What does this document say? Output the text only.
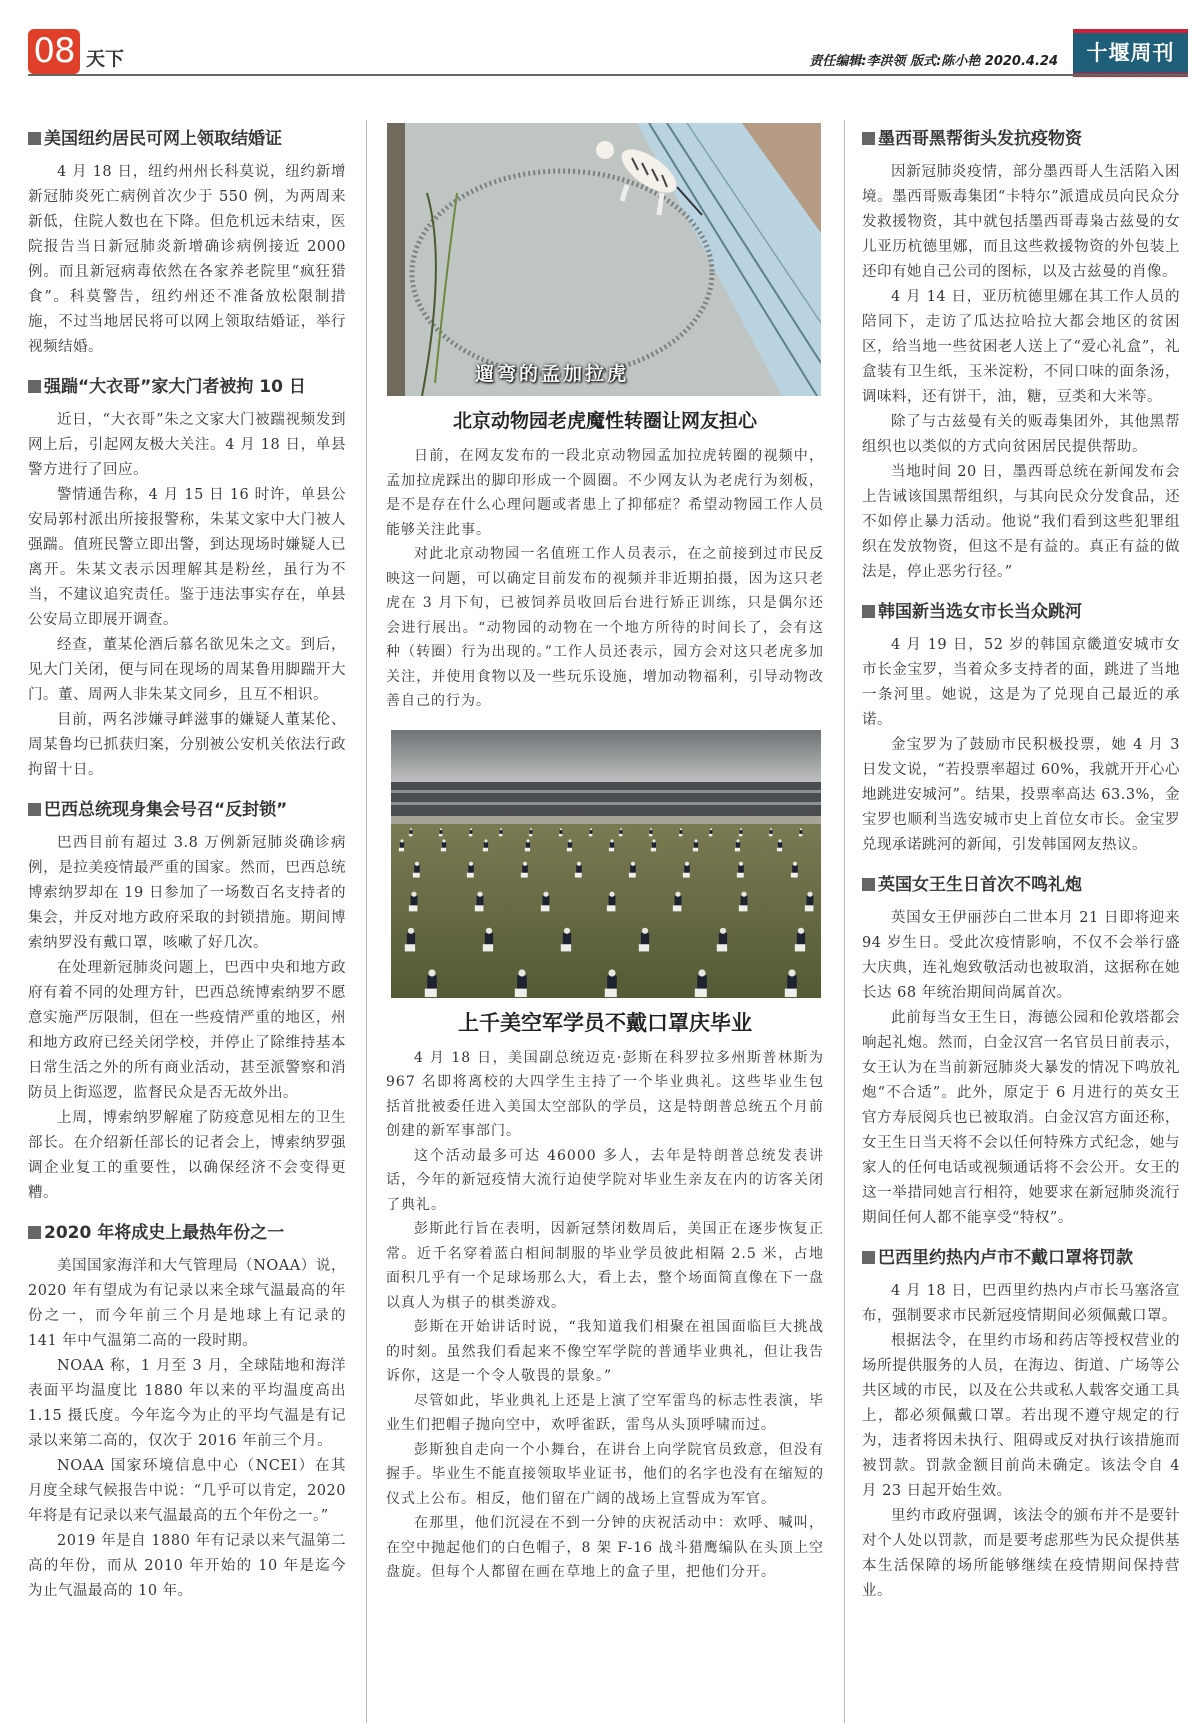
08 天下	责任编辑:李洪领 版式:陈小艳 2020.4.24	十堰周刊
美国纽约居民可网上领取结婚证

4 月 18 日，纽约州州长科莫说，纽约新增新冠肺炎死亡病例首次少于 550 例，为两周来新低，住院人数也在下降。但危机远未结束，医院报告当日新冠肺炎新增确诊病例接近 2000 例。而且新冠病毒依然在各家养老院里“疯狂猎食”。科莫警告，纽约州还不准备放松限制措施，不过当地居民将可以网上领取结婚证，举行视频结婚。

强踹“大衣哥”家大门者被拘 10 日

近日，“大衣哥”朱之文家大门被踹视频发到网上后，引起网友极大关注。4 月 18 日，单县警方进行了回应。

警情通告称，4 月 15 日 16 时许，单县公安局郭村派出所接报警称，朱某文家中大门被人强踹。值班民警立即出警，到达现场时嫌疑人已离开。朱某文表示因理解其是粉丝，虽行为不当，不建议追究责任。鉴于违法事实存在，单县公安局立即展开调查。

经查，董某伦酒后慕名欲见朱之文。到后，见大门关闭，便与同在现场的周某鲁用脚踹开大门。董、周两人非朱某文同乡，且互不相识。

目前，两名涉嫌寻衅滋事的嫌疑人董某伦、周某鲁均已抓获归案，分别被公安机关依法行政拘留十日。

巴西总统现身集会号召“反封锁”

巴西目前有超过 3.8 万例新冠肺炎确诊病例，是拉美疫情最严重的国家。然而，巴西总统博索纳罗却在 19 日参加了一场数百名支持者的集会，并反对地方政府采取的封锁措施。期间博索纳罗没有戴口罩，咳嗽了好几次。

在处理新冠肺炎问题上，巴西中央和地方政府有着不同的处理方针，巴西总统博索纳罗不愿意实施严厉限制，但在一些疫情严重的地区，州和地方政府已经关闭学校，并停止了除维持基本日常生活之外的所有商业活动，甚至派警察和消防员上街巡逻，监督民众是否无故外出。

上周，博索纳罗解雇了防疫意见相左的卫生部长。在介绍新任部长的记者会上，博索纳罗强调企业复工的重要性，以确保经济不会变得更糟。

2020 年将成史上最热年份之一

美国国家海洋和大气管理局（NOAA）说，2020 年有望成为有记录以来全球气温最高的年份之一，而今年前三个月是地球上有记录的 141 年中气温第二高的一段时期。

NOAA 称，1 月至 3 月，全球陆地和海洋表面平均温度比 1880 年以来的平均温度高出 1.15 摄氏度。今年迄今为止的平均气温是有记录以来第二高的，仅次于 2016 年前三个月。

NOAA 国家环境信息中心（NCEI）在其月度全球气候报告中说：“几乎可以肯定，2020 年将是有记录以来气温最高的五个年份之一。”

2019 年是自 1880 年有记录以来气温第二高的年份，而从 2010 年开始的 10 年是迄今为止气温最高的 10 年。

墨西哥黑帮街头发抗疫物资

因新冠肺炎疫情，部分墨西哥人生活陷入困境。墨西哥贩毒集团“卡特尔”派遣成员向民众分发救援物资，其中就包括墨西哥毒枭古兹曼的女儿亚历杭德里娜，而且这些救援物资的外包装上还印有她自己公司的图标，以及古兹曼的肖像。

4 月 14 日，亚历杭德里娜在其工作人员的陪同下，走访了瓜达拉哈拉大都会地区的贫困区，给当地一些贫困老人送上了“爱心礼盒”，礼盒装有卫生纸，玉米淀粉，不同口味的面条汤，调味料，还有饼干，油，糖，豆类和大米等。

除了与古兹曼有关的贩毒集团外，其他黑帮组织也以类似的方式向贫困居民提供帮助。

当地时间 20 日，墨西哥总统在新闻发布会上告诫该国黑帮组织，与其向民众分发食品，还不如停止暴力活动。他说“我们看到这些犯罪组织在发放物资，但这不是有益的。真正有益的做法是，停止恶劣行径。”

韩国新当选女市长当众跳河

4 月 19 日，52 岁的韩国京畿道安城市女市长金宝罗，当着众多支持者的面，跳进了当地一条河里。她说，这是为了兑现自己最近的承诺。

金宝罗为了鼓励市民积极投票，她 4 月 3 日发文说，“若投票率超过 60%，我就开开心心地跳进安城河”。结果，投票率高达 63.3%，金宝罗也顺利当选安城市史上首位女市长。金宝罗兑现承诺跳河的新闻，引发韩国网友热议。

英国女王生日首次不鸣礼炮

英国女王伊丽莎白二世本月 21 日即将迎来 94 岁生日。受此次疫情影响，不仅不会举行盛大庆典，连礼炮致敬活动也被取消，这据称在她长达 68 年统治期间尚属首次。

此前每当女王生日，海德公园和伦敦塔都会响起礼炮。然而，白金汉宫一名官员日前表示，女王认为在当前新冠肺炎大暴发的情况下鸣放礼炮“不合适”。此外，原定于 6 月进行的英女王官方寿辰阅兵也已被取消。白金汉宫方面还称，女王生日当天将不会以任何特殊方式纪念，她与家人的任何电话或视频通话将不会公开。女王的这一举措同她言行相符，她要求在新冠肺炎流行期间任何人都不能享受“特权”。

巴西里约热内卢市不戴口罩将罚款

4 月 18 日，巴西里约热内卢市长马塞洛宣布，强制要求市民新冠疫情期间必须佩戴口罩。

根据法令，在里约市场和药店等授权营业的场所提供服务的人员，在海边、街道、广场等公共区域的市民，以及在公共或私人载客交通工具上，都必须佩戴口罩。若出现不遵守规定的行为，违者将因未执行、阻碍或反对执行该措施而被罚款。罚款金额目前尚未确定。该法令自 4 月 23 日起开始生效。

里约市政府强调，该法令的颁布并不是要针对个人处以罚款，而是要考虑那些为民众提供基本生活保障的场所能够继续在疫情期间保持营业。

遛弯的孟加拉虎
北京动物园老虎魔性转圈让网友担心

日前，在网友发布的一段北京动物园孟加拉虎转圈的视频中，孟加拉虎踩出的脚印形成一个圆圈。不少网友认为老虎行为刻板，是不是存在什么心理问题或者患上了抑郁症？希望动物园工作人员能够关注此事。

对此北京动物园一名值班工作人员表示，在之前接到过市民反映这一问题，可以确定目前发布的视频并非近期拍摄，因为这只老虎在 3 月下旬，已被饲养员收回后台进行矫正训练，只是偶尔还会进行展出。“动物园的动物在一个地方所待的时间长了，会有这种（转圈）行为出现的。”工作人员还表示，园方会对这只老虎多加关注，并使用食物以及一些玩乐设施，增加动物福利，引导动物改善自己的行为。

上千美空军学员不戴口罩庆毕业

4 月 18 日，美国副总统迈克·彭斯在科罗拉多州斯普林斯为 967 名即将离校的大四学生主持了一个毕业典礼。这些毕业生包括首批被委任进入美国太空部队的学员，这是特朗普总统五个月前创建的新军事部门。

这个活动最多可达 46000 多人，去年是特朗普总统发表讲话，今年的新冠疫情大流行迫使学院对毕业生亲友在内的访客关闭了典礼。

彭斯此行旨在表明，因新冠禁闭数周后，美国正在逐步恢复正常。近千名穿着蓝白相间制服的毕业学员彼此相隔 2.5 米，占地面积几乎有一个足球场那么大，看上去，整个场面简直像在下一盘以真人为棋子的棋类游戏。

彭斯在开始讲话时说，“我知道我们相聚在祖国面临巨大挑战的时刻。虽然我们看起来不像空军学院的普通毕业典礼，但让我告诉你，这是一个令人敬畏的景象。”

尽管如此，毕业典礼上还是上演了空军雷鸟的标志性表演，毕业生们把帽子抛向空中，欢呼雀跃，雷鸟从头顶呼啸而过。

彭斯独自走向一个小舞台，在讲台上向学院官员致意，但没有握手。毕业生不能直接领取毕业证书，他们的名字也没有在缩短的仪式上公布。相反，他们留在广阔的战场上宣誓成为军官。

在那里，他们沉浸在不到一分钟的庆祝活动中：欢呼、喊叫，在空中抛起他们的白色帽子，8 架 F-16 战斗猎鹰编队在头顶上空盘旋。但每个人都留在画在草地上的盒子里，把他们分开。
